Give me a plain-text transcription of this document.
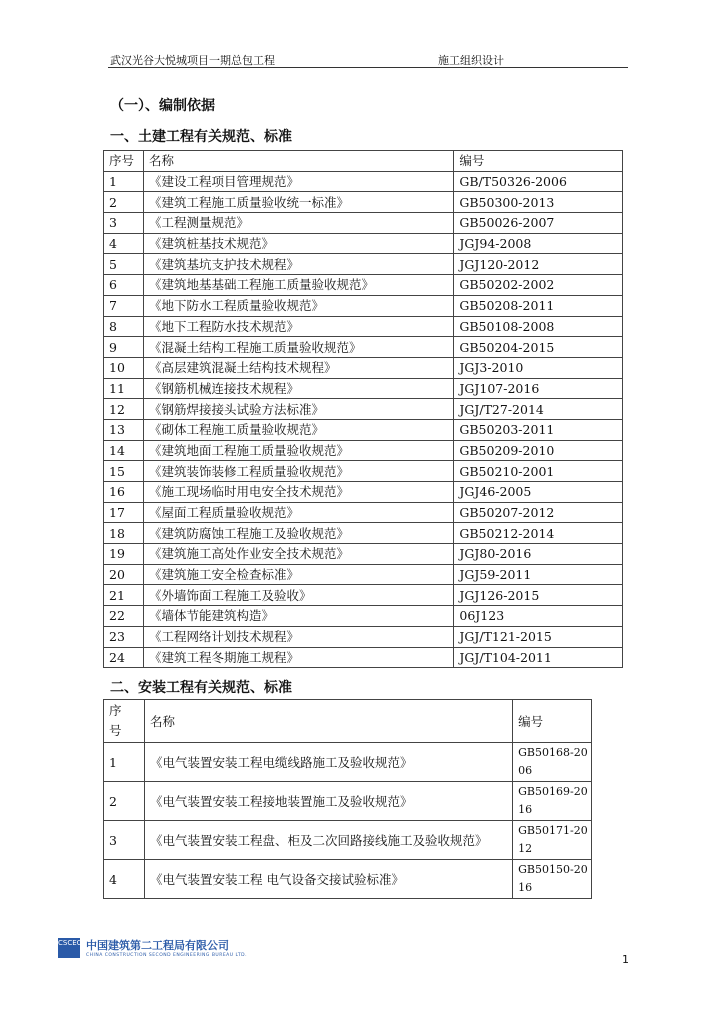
武汉光谷大悦城项目一期总包工程	施工组织设计
（一）、编制依据
一、土建工程有关规范、标准
序号	名称	编号
1	《建设工程项目管理规范》	GB/T50326-2006
2	《建筑工程施工质量验收统一标准》	GB50300-2013
3	《工程测量规范》	GB50026-2007
4	《建筑桩基技术规范》	JGJ94-2008
5	《建筑基坑支护技术规程》	JGJ120-2012
6	《建筑地基基础工程施工质量验收规范》	GB50202-2002
7	《地下防水工程质量验收规范》	GB50208-2011
8	《地下工程防水技术规范》	GB50108-2008
9	《混凝土结构工程施工质量验收规范》	GB50204-2015
10	《高层建筑混凝土结构技术规程》	JGJ3-2010
11	《钢筋机械连接技术规程》	JGJ107-2016
12	《钢筋焊接接头试验方法标准》	JGJ/T27-2014
13	《砌体工程施工质量验收规范》	GB50203-2011
14	《建筑地面工程施工质量验收规范》	GB50209-2010
15	《建筑装饰装修工程质量验收规范》	GB50210-2001
16	《施工现场临时用电安全技术规范》	JGJ46-2005
17	《屋面工程质量验收规范》	GB50207-2012
18	《建筑防腐蚀工程施工及验收规范》	GB50212-2014
19	《建筑施工高处作业安全技术规范》	JGJ80-2016
20	《建筑施工安全检查标准》	JGJ59-2011
21	《外墙饰面工程施工及验收》	JGJ126-2015
22	《墙体节能建筑构造》	06J123
23	《工程网络计划技术规程》	JGJ/T121-2015
24	《建筑工程冬期施工规程》	JGJ/T104-2011
二、安装工程有关规范、标准
序号	名称	编号
1	《电气装置安装工程电缆线路施工及验收规范》	GB50168-2006
2	《电气装置安装工程接地装置施工及验收规范》	GB50169-2016
3	《电气装置安装工程盘、柜及二次回路接线施工及验收规范》	GB50171-2012
4	《电气装置安装工程 电气设备交接试验标准》	GB50150-2016
CSCEC 中国建筑第二工程局有限公司
CHINA CONSTRUCTION SECOND ENGINEERING BUREAU LTD.	1
